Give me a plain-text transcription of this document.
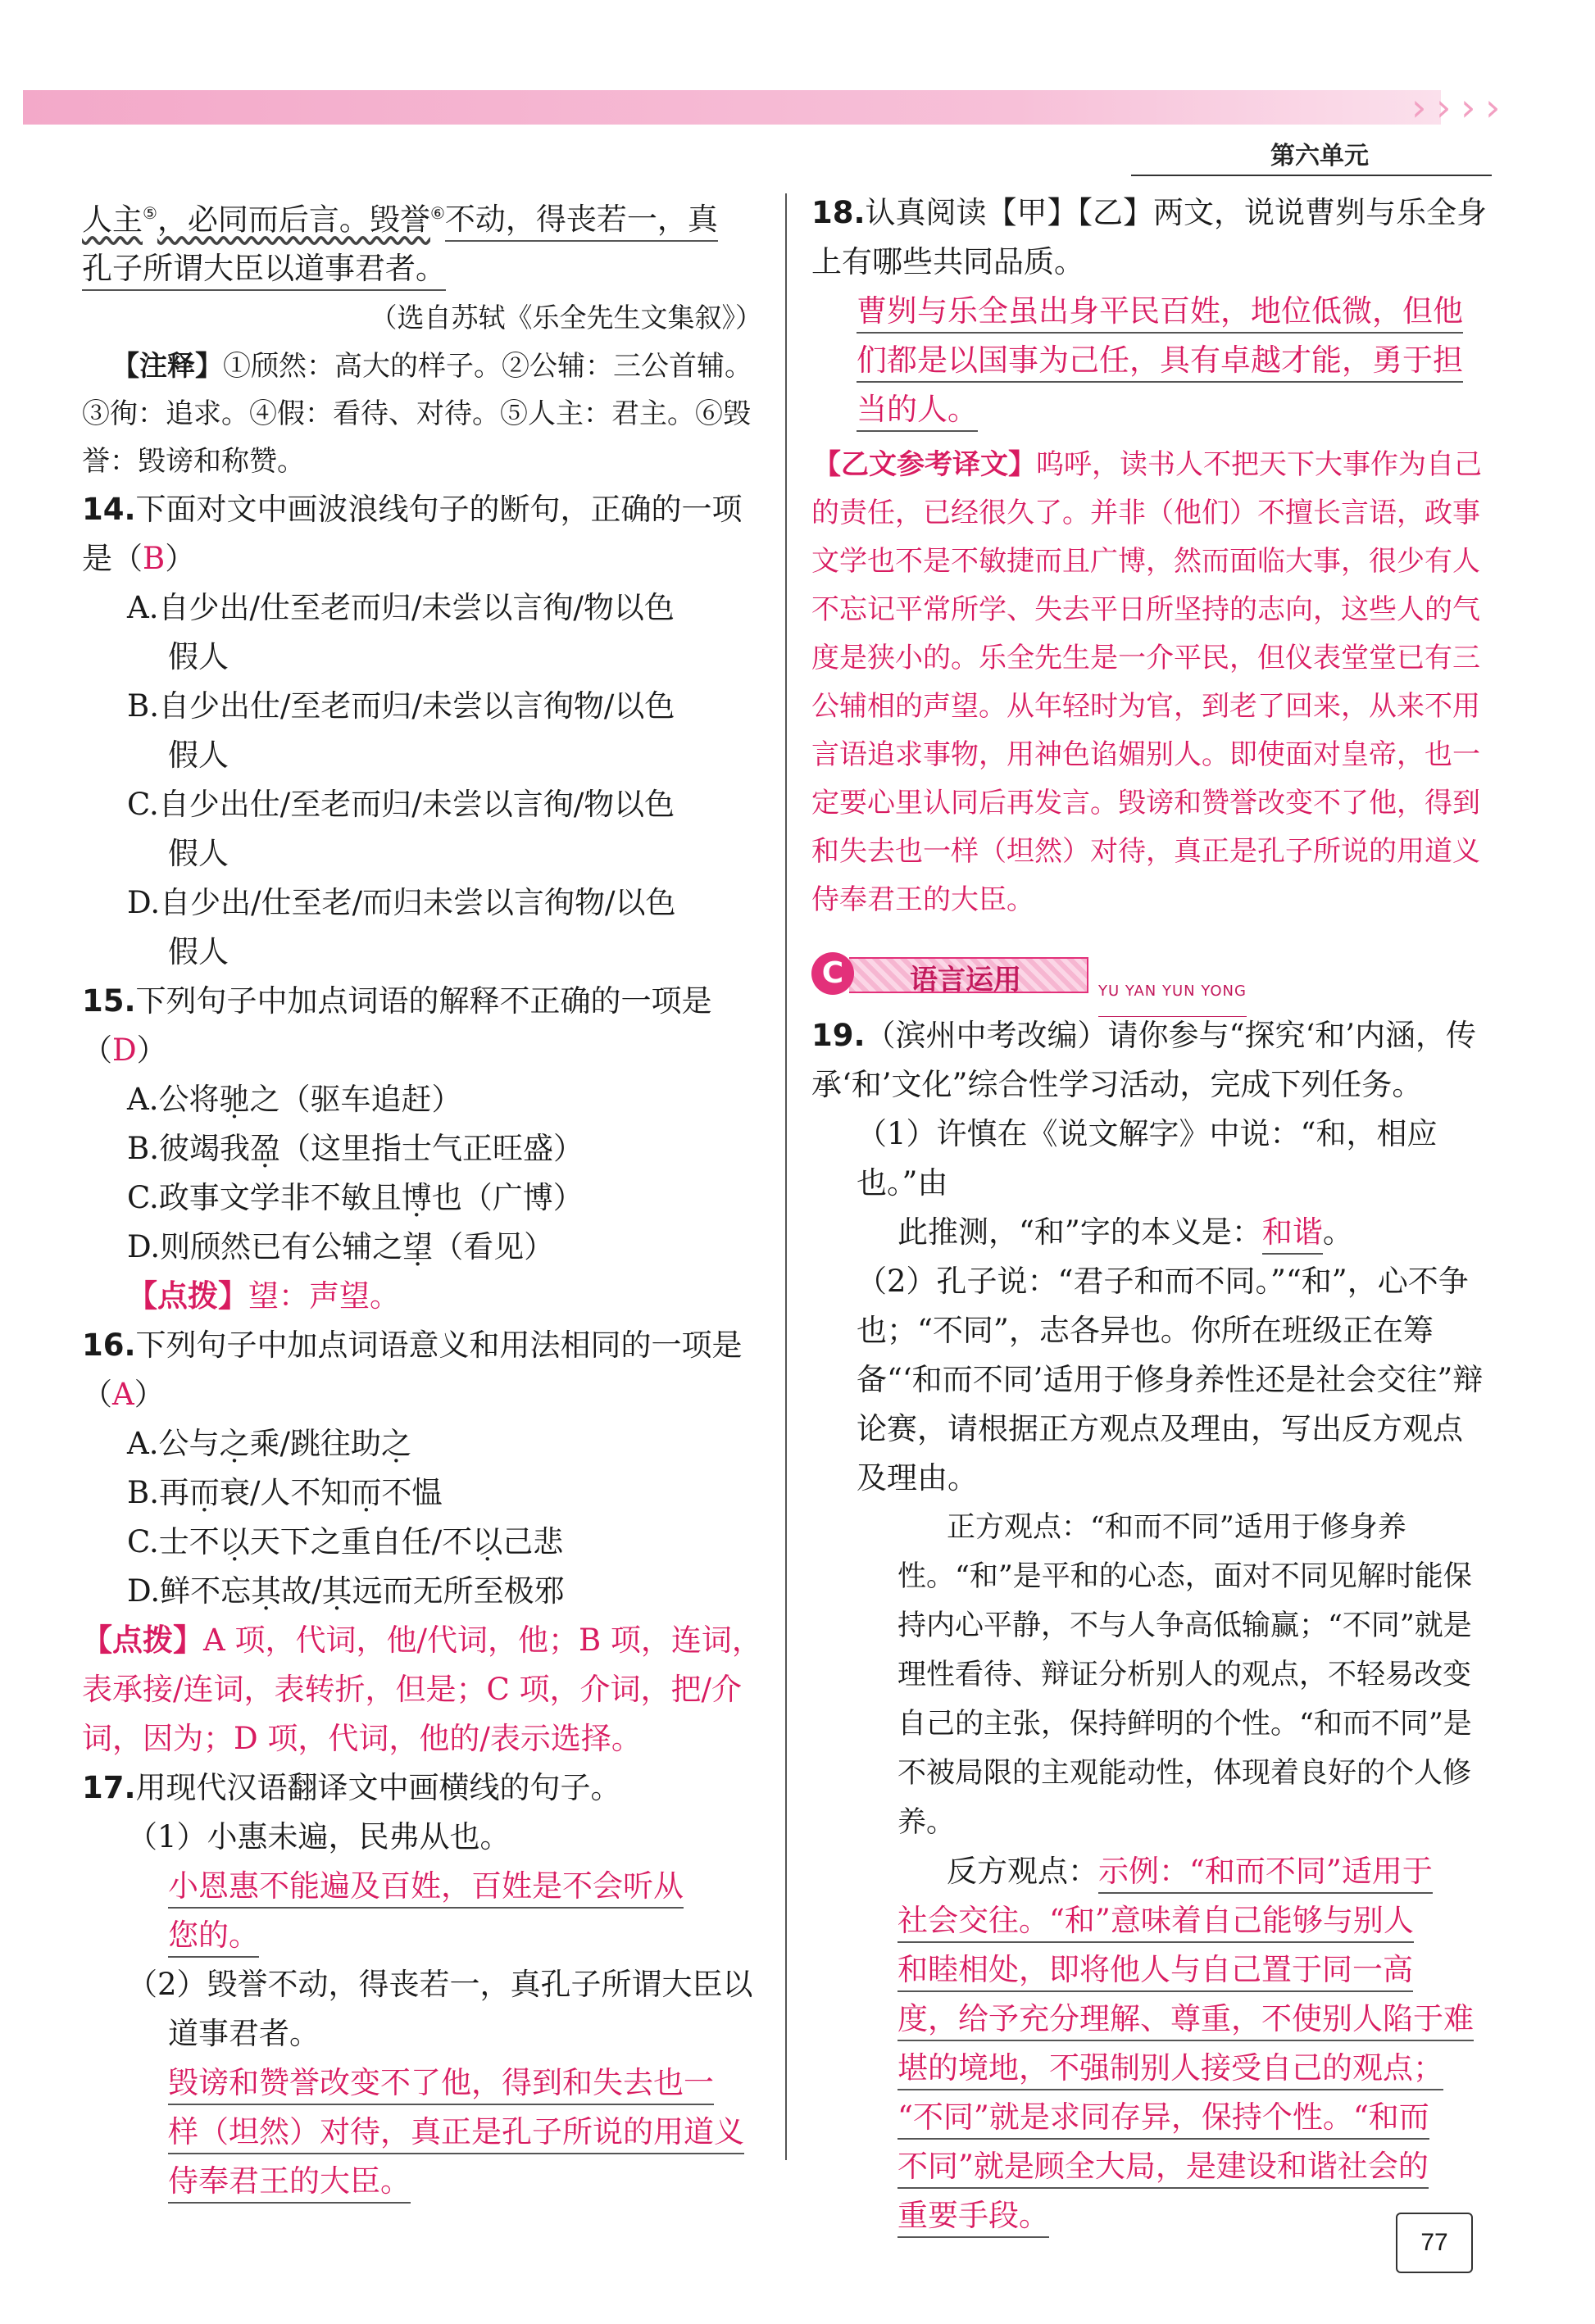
› › › ›
第六单元

人主⑤，必同而后言。毁誉⑥不动，得丧若一，真

孔子所谓大臣以道事君者。

（选自苏轼《乐全先生文集叙》）

【注释】①颀然：高大的样子。②公辅：三公首辅。③徇：追求。④假：看待、对待。⑤人主：君主。⑥毁誉：毁谤和称赞。

14.下面对文中画波浪线句子的断句，正确的一项是（B）

A.自少出/仕至老而归/未尝以言徇/物以色

假人

B.自少出仕/至老而归/未尝以言徇物/以色

假人

C.自少出仕/至老而归/未尝以言徇/物以色

假人

D.自少出/仕至老/而归未尝以言徇物/以色

假人

15.下列句子中加点词语的解释不正确的一项是（D）

A.公将驰之（驱车追赶）

B.彼竭我盈（这里指士气正旺盛）

C.政事文学非不敏且博也（广博）

D.则颀然已有公辅之望（看见）

【点拨】望：声望。

16.下列句子中加点词语意义和用法相同的一项是（A）

A.公与之乘/跳往助之

B.再而衰/人不知而不愠

C.士不以天下之重自任/不以己悲

D.鲜不忘其故/其远而无所至极邪

【点拨】A 项，代词，他/代词，他；B 项，连词，表承接/连词，表转折，但是；C 项，介词，把/介词，因为；D 项，代词，他的/表示选择。

17.用现代汉语翻译文中画横线的句子。

（1）小惠未遍，民弗从也。

小恩惠不能遍及百姓，百姓是不会听从

您的。

（2）毁誉不动，得丧若一，真孔子所谓大臣以

道事君者。

毁谤和赞誉改变不了他，得到和失去也一

样（坦然）对待，真正是孔子所说的用道义

侍奉君王的大臣。

18.认真阅读【甲】【乙】两文，说说曹刿与乐全身上有哪些共同品质。

曹刿与乐全虽出身平民百姓，地位低微，但他

们都是以国事为己任，具有卓越才能，勇于担

当的人。

【乙文参考译文】呜呼，读书人不把天下大事作为自己的责任，已经很久了。并非（他们）不擅长言语，政事文学也不是不敏捷而且广博，然而面临大事，很少有人不忘记平常所学、失去平日所坚持的志向，这些人的气度是狭小的。乐全先生是一介平民，但仪表堂堂已有三公辅相的声望。从年轻时为官，到老了回来，从来不用言语追求事物，用神色谄媚别人。即使面对皇帝，也一定要心里认同后再发言。毁谤和赞誉改变不了他，得到和失去也一样（坦然）对待，真正是孔子所说的用道义侍奉君王的大臣。

C	语言运用	YU YAN YUN YONG

19.（滨州中考改编）请你参与“探究‘和’内涵，传承‘和’文化”综合性学习活动，完成下列任务。

（1）许慎在《说文解字》中说：“和，相应也。”由

此推测，“和”字的本义是：和谐。

（2）孔子说：“君子和而不同。”“和”，心不争也；“不同”，志各异也。你所在班级正在筹备“‘和而不同’适用于修身养性还是社会交往”辩论赛，请根据正方观点及理由，写出反方观点及理由。

正方观点：“和而不同”适用于修身养性。“和”是平和的心态，面对不同见解时能保持内心平静，不与人争高低输赢；“不同”就是理性看待、辩证分析别人的观点，不轻易改变自己的主张，保持鲜明的个性。“和而不同”是不被局限的主观能动性，体现着良好的个人修养。

反方观点：示例：“和而不同”适用于

社会交往。“和”意味着自己能够与别人

和睦相处，即将他人与自己置于同一高

度，给予充分理解、尊重，不使别人陷于难

堪的境地，不强制别人接受自己的观点；

“不同”就是求同存异，保持个性。“和而

不同”就是顾全大局，是建设和谐社会的

重要手段。

77
